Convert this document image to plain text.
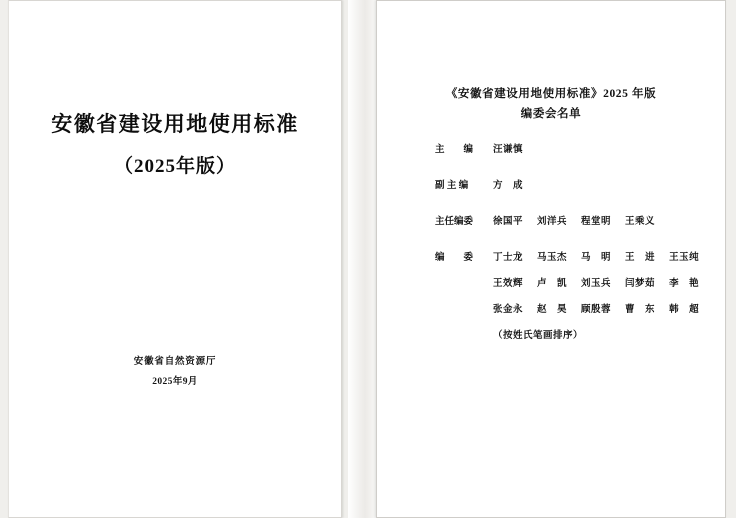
安徽省建设用地使用标准
（2025年版）
安徽省自然资源厅
2025年9月
《安徽省建设用地使用标准》2025 年版
编委会名单
主　　编	汪谦慎
副 主 编	方　成
主任编委	徐国平 刘洋兵 程堂明 王乘义
编　　委	丁士龙 马玉杰 马　明 王　进 王玉纯
王效辉 卢　凯 刘玉兵 闫梦茹 李　艳
张金永 赵　昊 顾殷蓉 曹　东 韩　超
（按姓氏笔画排序）
